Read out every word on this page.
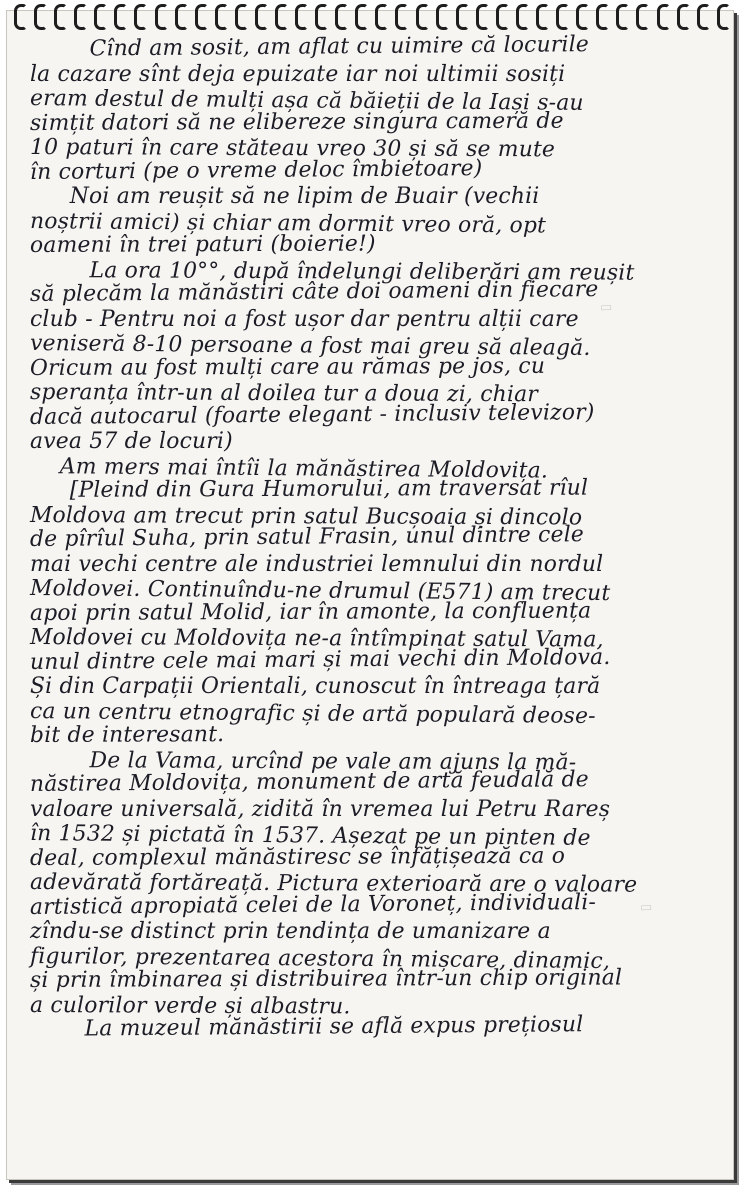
▭
▭
Cînd am sosit, am aflat cu uimire că locurile
la cazare sînt deja epuizate iar noi ultimii sosiți
eram destul de mulți așa că băieții de la Iași s-au
simțit datori să ne elibereze singura cameră de
10 paturi în care stăteau vreo 30 și să se mute
în corturi (pe o vreme deloc îmbietoare)
Noi am reușit să ne lipim de Buair (vechii
noștrii amici) și chiar am dormit vreo oră, opt
oameni în trei paturi (boierie!)
La ora 10°°, după îndelungi deliberări am reușit
să plecăm la mănăstiri câte doi oameni din fiecare
club - Pentru noi a fost ușor dar pentru alții care
veniseră 8-10 persoane a fost mai greu să aleagă.
Oricum au fost mulți care au rămas pe jos, cu
speranța într-un al doilea tur a doua zi, chiar
dacă autocarul (foarte elegant - inclusiv televizor)
avea 57 de locuri)
Am mers mai întîi la mănăstirea Moldovița.
[Pleind din Gura Humorului, am traversat rîul
Moldova am trecut prin satul Bucșoaia și dincolo
de pîrîul Suha, prin satul Frasin, unul dintre cele
mai vechi centre ale industriei lemnului din nordul
Moldovei. Continuîndu-ne drumul (E571) am trecut
apoi prin satul Molid, iar în amonte, la confluența
Moldovei cu Moldovița ne-a întîmpinat satul Vama,
unul dintre cele mai mari și mai vechi din Moldova.
Și din Carpații Orientali, cunoscut în întreaga țară
ca un centru etnografic și de artă populară deose-
bit de interesant.
De la Vama, urcînd pe vale am ajuns la mă-
năstirea Moldovița, monument de artă feudală de
valoare universală, zidită în vremea lui Petru Rareș
în 1532 și pictată în 1537. Așezat pe un pinten de
deal, complexul mănăstiresc se înfățișează ca o
adevărată fortăreață. Pictura exterioară are o valoare
artistică apropiată celei de la Voroneț, individuali-
zîndu-se distinct prin tendința de umanizare a
figurilor, prezentarea acestora în mișcare, dinamic,
și prin îmbinarea și distribuirea într-un chip original
a culorilor verde și albastru.
La muzeul mănăstirii se află expus prețiosul
